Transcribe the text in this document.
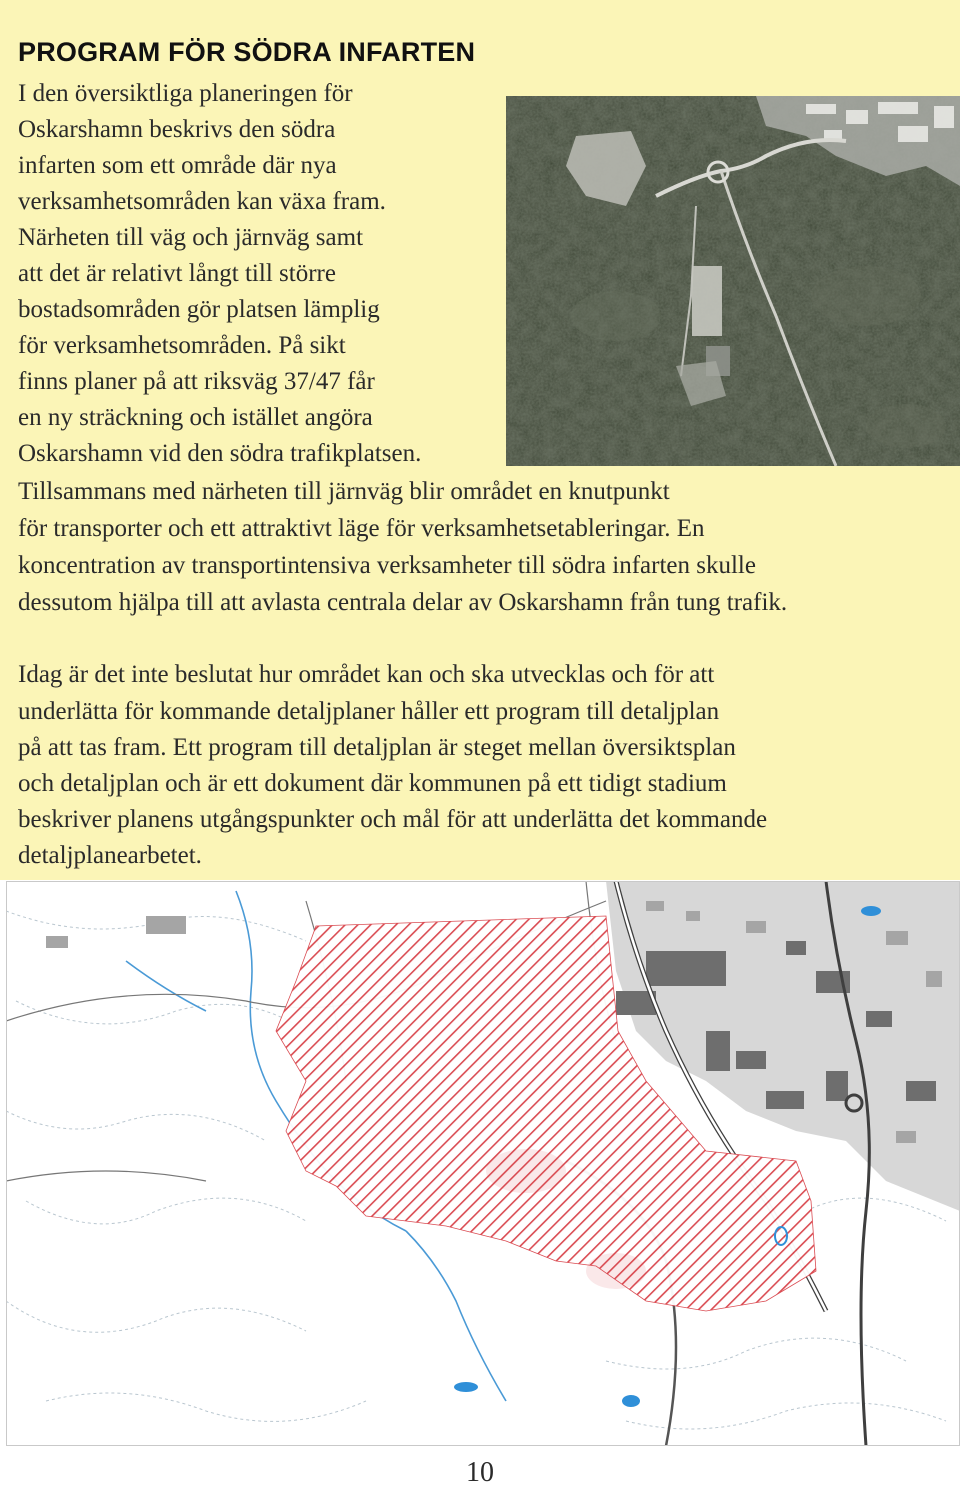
PROGRAM FÖR SÖDRA INFARTEN

I den översiktliga planeringen för

Oskarshamn beskrivs den södra

infarten som ett område där nya

verksamhetsområden kan växa fram.

Närheten till väg och järnväg samt

att det är relativt långt till större

bostadsområden gör platsen lämplig

för verksamhetsområden. På sikt

finns planer på att riksväg 37/47 får

en ny sträckning och istället angöra

Oskarshamn vid den södra trafikplatsen.

Tillsammans med närheten till järnväg blir området en knutpunkt

för transporter och ett attraktivt läge för verksamhetsetableringar. En

koncentration av transportintensiva verksamheter till södra infarten skulle

dessutom hjälpa till att avlasta centrala delar av Oskarshamn från tung trafik.

Idag är det inte beslutat hur området kan och ska utvecklas och för att

underlätta för kommande detaljplaner håller ett program till detaljplan

på att tas fram. Ett program till detaljplan är steget mellan översiktsplan

och detaljplan och är ett dokument där kommunen på ett tidigt stadium

beskriver planens utgångspunkter och mål för att underlätta det kommande

detaljplanearbetet.

10
